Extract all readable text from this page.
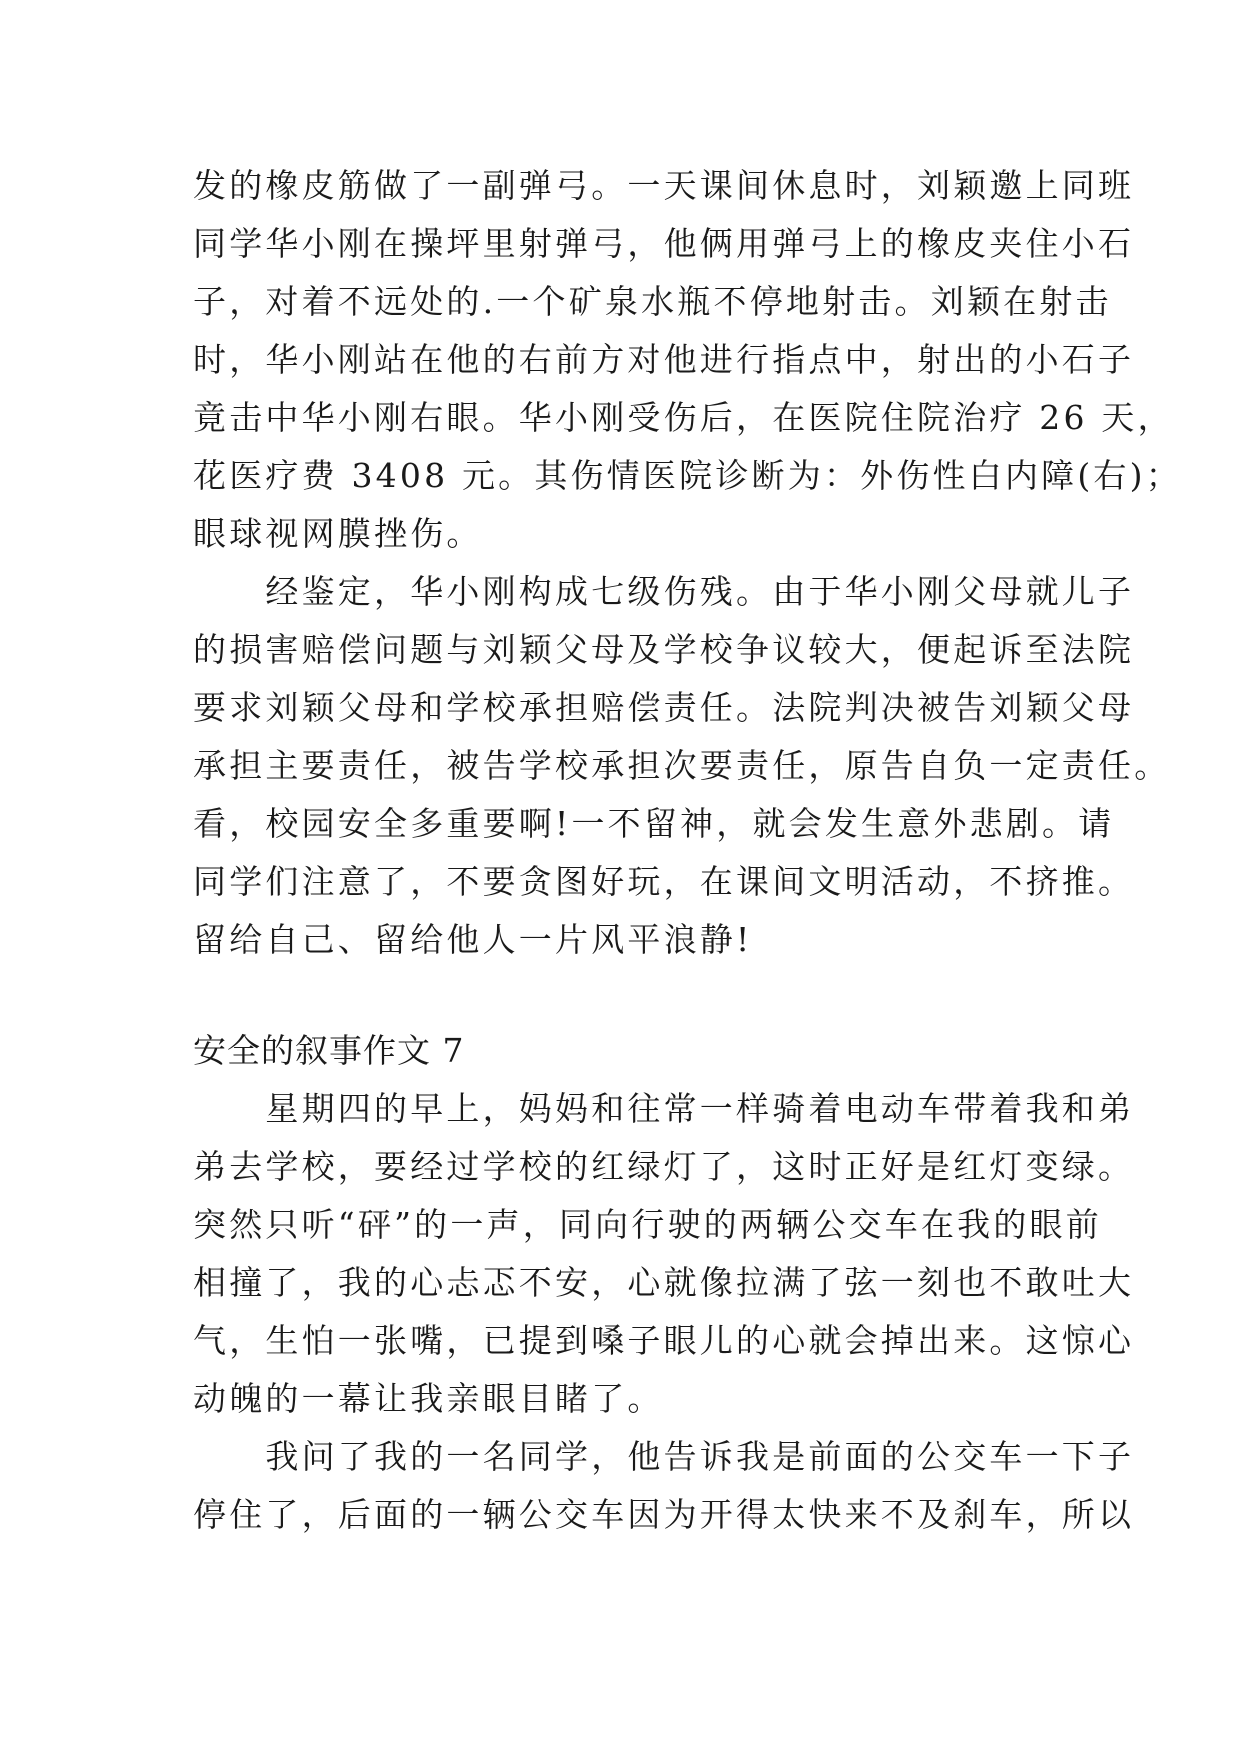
发的橡皮筋做了一副弹弓。一天课间休息时，刘颖邀上同班
同学华小刚在操坪里射弹弓，他俩用弹弓上的橡皮夹住小石
子，对着不远处的.一个矿泉水瓶不停地射击。刘颖在射击
时，华小刚站在他的右前方对他进行指点中，射出的小石子
竟击中华小刚右眼。华小刚受伤后，在医院住院治疗 26 天，
花医疗费 3408 元。其伤情医院诊断为：外伤性白内障(右)；
眼球视网膜挫伤。
　　经鉴定，华小刚构成七级伤残。由于华小刚父母就儿子
的损害赔偿问题与刘颖父母及学校争议较大，便起诉至法院
要求刘颖父母和学校承担赔偿责任。法院判决被告刘颖父母
承担主要责任，被告学校承担次要责任，原告自负一定责任。
看，校园安全多重要啊!一不留神，就会发生意外悲剧。请
同学们注意了，不要贪图好玩，在课间文明活动，不挤推。
留给自己、留给他人一片风平浪静!
安全的叙事作文 7
　　星期四的早上，妈妈和往常一样骑着电动车带着我和弟
弟去学校，要经过学校的红绿灯了，这时正好是红灯变绿。
突然只听“砰”的一声，同向行驶的两辆公交车在我的眼前
相撞了，我的心忐忑不安，心就像拉满了弦一刻也不敢吐大
气，生怕一张嘴，已提到嗓子眼儿的心就会掉出来。这惊心
动魄的一幕让我亲眼目睹了。
　　我问了我的一名同学，他告诉我是前面的公交车一下子
停住了，后面的一辆公交车因为开得太快来不及刹车，所以
